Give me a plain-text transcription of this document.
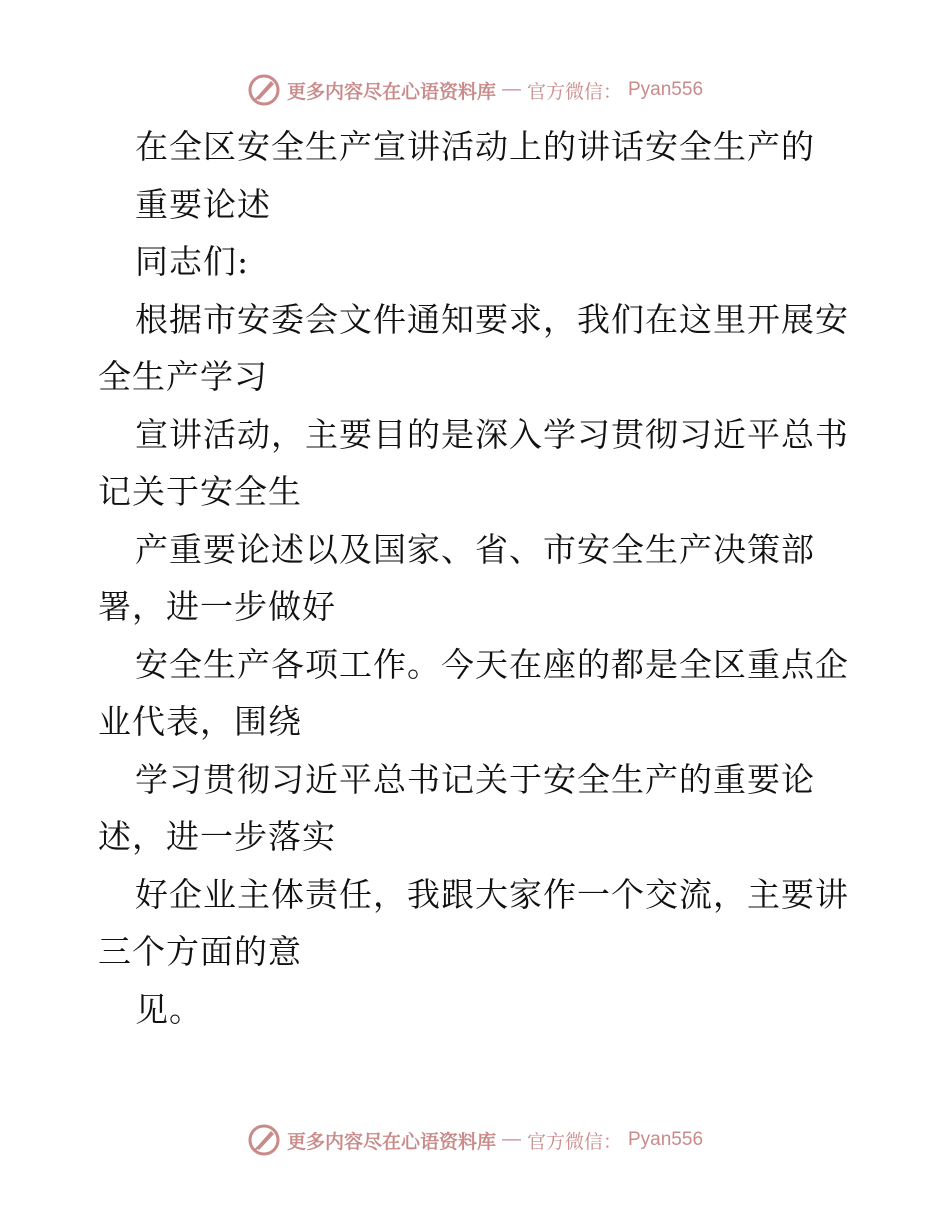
更多内容尽在心语资料库 — 官方微信： Pyan556
在全区安全生产宣讲活动上的讲话安全生产的
重要论述
同志们:
根据市安委会文件通知要求，我们在这里开展安
全生产学习
宣讲活动，主要目的是深入学习贯彻习近平总书
记关于安全生
产重要论述以及国家、省、市安全生产决策部
署，进一步做好
安全生产各项工作。今天在座的都是全区重点企
业代表，围绕
学习贯彻习近平总书记关于安全生产的重要论
述，进一步落实
好企业主体责任，我跟大家作一个交流，主要讲
三个方面的意
见。
更多内容尽在心语资料库 — 官方微信： Pyan556
